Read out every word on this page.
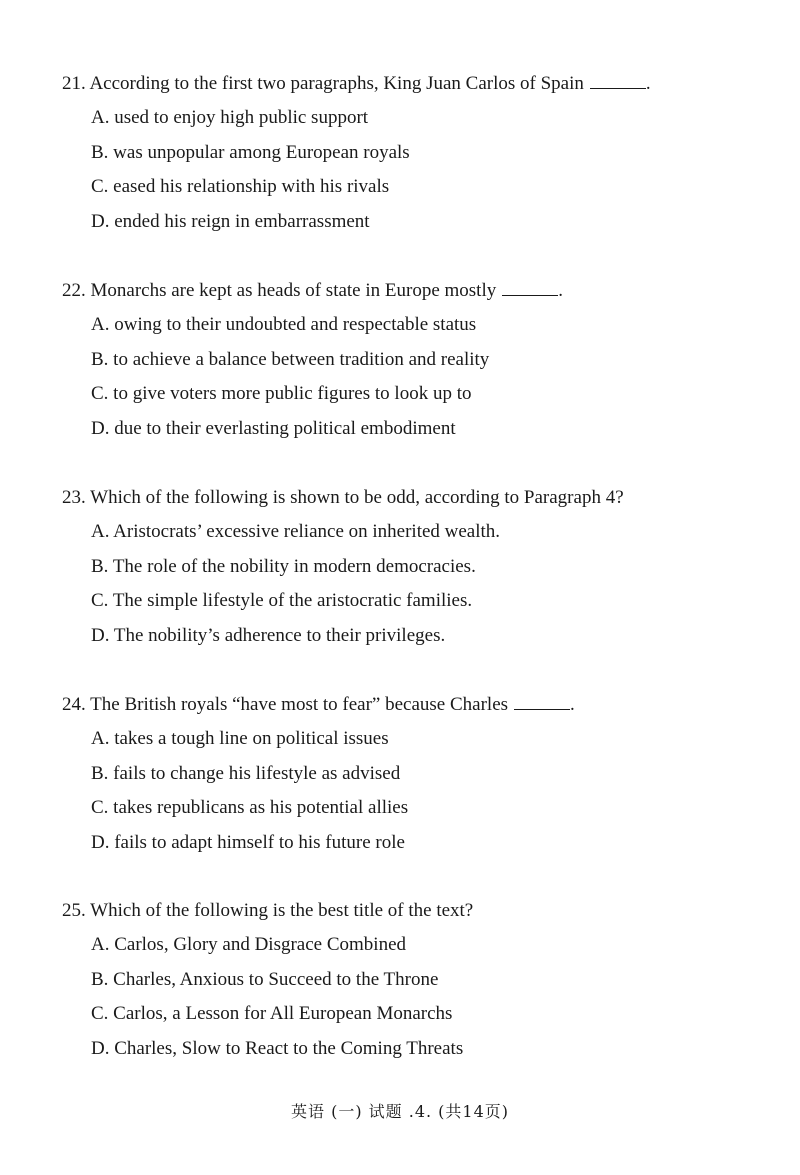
21. According to the first two paragraphs, King Juan Carlos of Spain	.
A. used to enjoy high public support
B. was unpopular among European royals
C. eased his relationship with his rivals
D. ended his reign in embarrassment
22. Monarchs are kept as heads of state in Europe mostly	.
A. owing to their undoubted and respectable status
B. to achieve a balance between tradition and reality
C. to give voters more public figures to look up to
D. due to their everlasting political embodiment
23. Which of the following is shown to be odd, according to Paragraph 4?
A. Aristocrats’ excessive reliance on inherited wealth.
B. The role of the nobility in modern democracies.
C. The simple lifestyle of the aristocratic families.
D. The nobility’s adherence to their privileges.
24. The British royals “have most to fear” because Charles	.
A. takes a tough line on political issues
B. fails to change his lifestyle as advised
C. takes republicans as his potential allies
D. fails to adapt himself to his future role
25. Which of the following is the best title of the text?
A. Carlos, Glory and Disgrace Combined
B. Charles, Anxious to Succeed to the Throne
C. Carlos, a Lesson for All European Monarchs
D. Charles, Slow to React to the Coming Threats
英语 (一) 试题 .4. (共14页)
